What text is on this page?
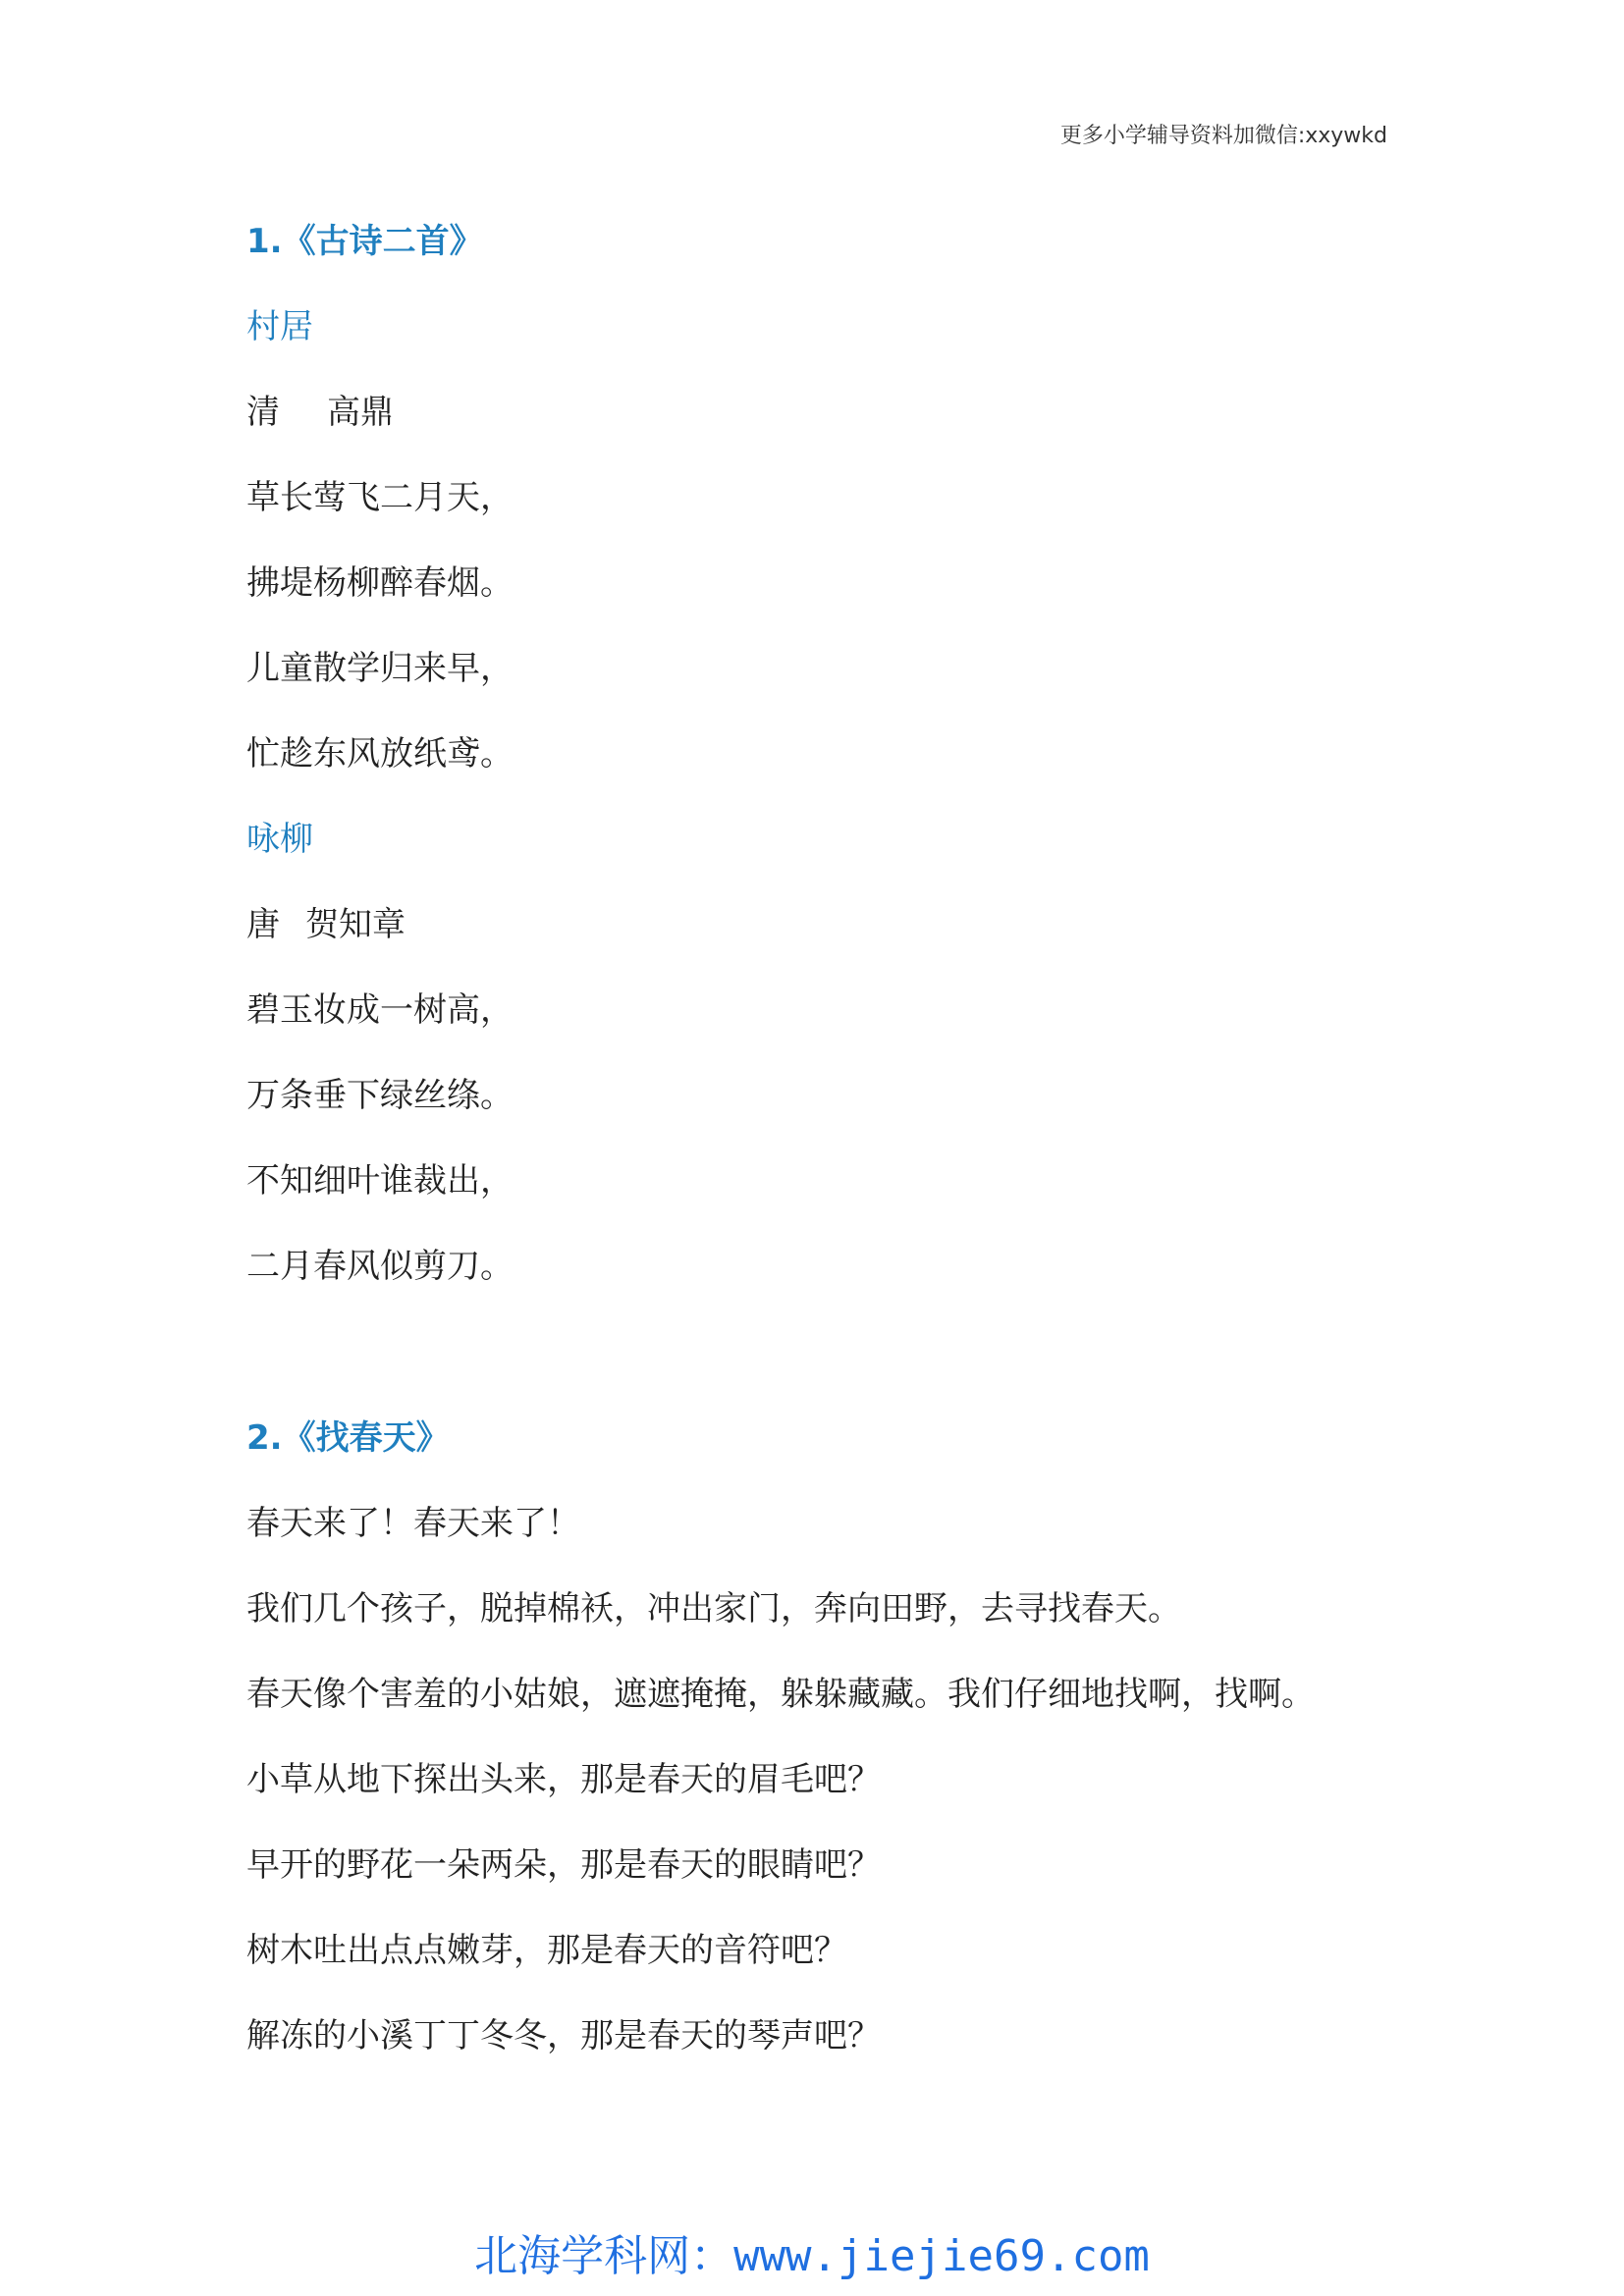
更多小学辅导资料加微信:xxywkd
1.《古诗二首》
村居
清 高鼎
草长莺飞二月天，
拂堤杨柳醉春烟。
儿童散学归来早，
忙趁东风放纸鸢。
咏柳
唐 贺知章
碧玉妆成一树高，
万条垂下绿丝绦。
不知细叶谁裁出，
二月春风似剪刀。
2.《找春天》
春天来了！春天来了！
我们几个孩子，脱掉棉袄，冲出家门，奔向田野，去寻找春天。
春天像个害羞的小姑娘，遮遮掩掩，躲躲藏藏。我们仔细地找啊，找啊。
小草从地下探出头来，那是春天的眉毛吧？
早开的野花一朵两朵，那是春天的眼睛吧？
树木吐出点点嫩芽，那是春天的音符吧？
解冻的小溪丁丁冬冬，那是春天的琴声吧？
北海学科网：www.jiejie69.com
